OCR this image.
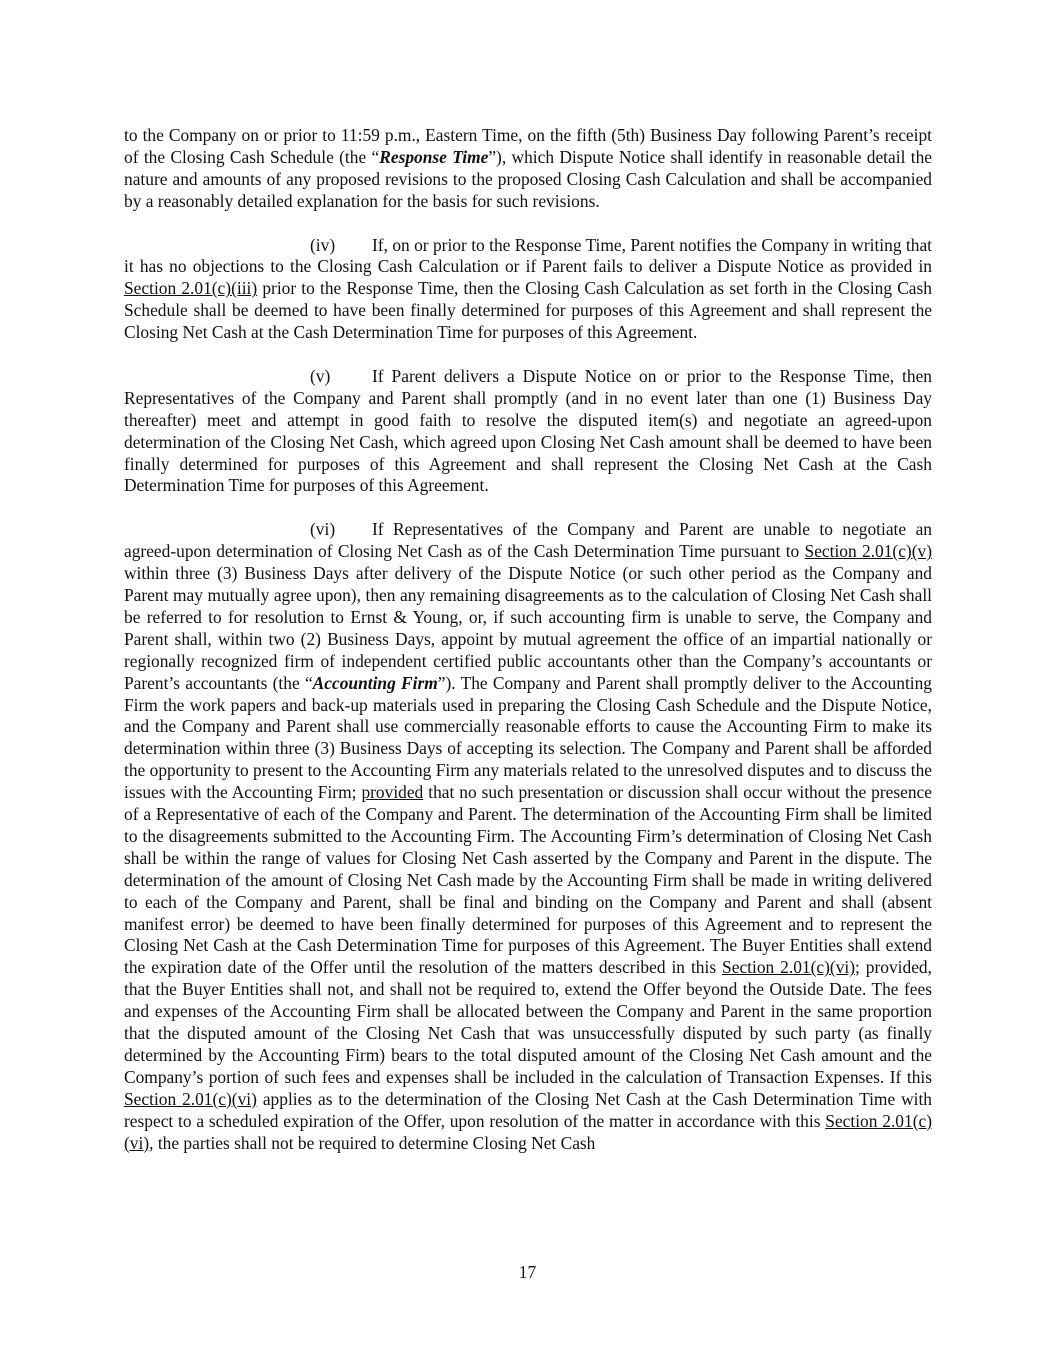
to the Company on or prior to 11:59 p.m., Eastern Time, on the fifth (5th) Business Day following Parent’s receipt of the Closing Cash Schedule (the “Response Time”), which Dispute Notice shall identify in reasonable detail the nature and amounts of any proposed revisions to the proposed Closing Cash Calculation and shall be accompanied by a reasonably detailed explanation for the basis for such revisions.

(iv) If, on or prior to the Response Time, Parent notifies the Company in writing that it has no objections to the Closing Cash Calculation or if Parent fails to deliver a Dispute Notice as provided in Section 2.01(c)(iii) prior to the Response Time, then the Closing Cash Calculation as set forth in the Closing Cash Schedule shall be deemed to have been finally determined for purposes of this Agreement and shall represent the Closing Net Cash at the Cash Determination Time for purposes of this Agreement.

(v) If Parent delivers a Dispute Notice on or prior to the Response Time, then Representatives of the Company and Parent shall promptly (and in no event later than one (1) Business Day thereafter) meet and attempt in good faith to resolve the disputed item(s) and negotiate an agreed-upon determination of the Closing Net Cash, which agreed upon Closing Net Cash amount shall be deemed to have been finally determined for purposes of this Agreement and shall represent the Closing Net Cash at the Cash Determination Time for purposes of this Agreement.

(vi) If Representatives of the Company and Parent are unable to negotiate an agreed-upon determination of Closing Net Cash as of the Cash Determination Time pursuant to Section 2.01(c)(v) within three (3) Business Days after delivery of the Dispute Notice (or such other period as the Company and Parent may mutually agree upon), then any remaining disagreements as to the calculation of Closing Net Cash shall be referred to for resolution to Ernst & Young, or, if such accounting firm is unable to serve, the Company and Parent shall, within two (2) Business Days, appoint by mutual agreement the office of an impartial nationally or regionally recognized firm of independent certified public accountants other than the Company’s accountants or Parent’s accountants (the “Accounting Firm”). The Company and Parent shall promptly deliver to the Accounting Firm the work papers and back-up materials used in preparing the Closing Cash Schedule and the Dispute Notice, and the Company and Parent shall use commercially reasonable efforts to cause the Accounting Firm to make its determination within three (3) Business Days of accepting its selection. The Company and Parent shall be afforded the opportunity to present to the Accounting Firm any materials related to the unresolved disputes and to discuss the issues with the Accounting Firm; provided that no such presentation or discussion shall occur without the presence of a Representative of each of the Company and Parent. The determination of the Accounting Firm shall be limited to the disagreements submitted to the Accounting Firm. The Accounting Firm’s determination of Closing Net Cash shall be within the range of values for Closing Net Cash asserted by the Company and Parent in the dispute. The determination of the amount of Closing Net Cash made by the Accounting Firm shall be made in writing delivered to each of the Company and Parent, shall be final and binding on the Company and Parent and shall (absent manifest error) be deemed to have been finally determined for purposes of this Agreement and to represent the Closing Net Cash at the Cash Determination Time for purposes of this Agreement. The Buyer Entities shall extend the expiration date of the Offer until the resolution of the matters described in this Section 2.01(c)(vi); provided, that the Buyer Entities shall not, and shall not be required to, extend the Offer beyond the Outside Date. The fees and expenses of the Accounting Firm shall be allocated between the Company and Parent in the same proportion that the disputed amount of the Closing Net Cash that was unsuccessfully disputed by such party (as finally determined by the Accounting Firm) bears to the total disputed amount of the Closing Net Cash amount and the Company’s portion of such fees and expenses shall be included in the calculation of Transaction Expenses. If this Section 2.01(c)(vi) applies as to the determination of the Closing Net Cash at the Cash Determination Time with respect to a scheduled expiration of the Offer, upon resolution of the matter in accordance with this Section 2.01(c)(vi), the parties shall not be required to determine Closing Net Cash

17
